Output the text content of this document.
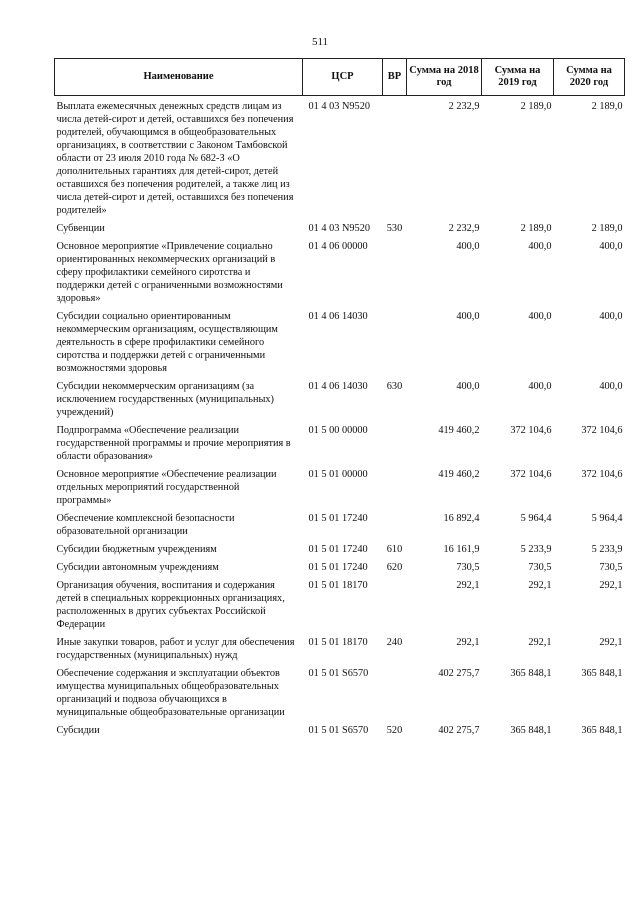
511
Наименование	ЦСР	ВР	Сумма на 2018 год	Сумма на 2019 год	Сумма на 2020 год
Выплата ежемесячных денежных средств лицам из числа детей-сирот и детей, оставшихся без попечения родителей, обучающимся в общеобразовательных организациях, в соответствии с Законом Тамбовской области от 23 июля 2010 года № 682-З «О дополнительных гарантиях для детей-сирот, детей оставшихся без попечения родителей, а также лиц из числа детей-сирот и детей, оставшихся без попечения родителей»	01 4 03 N9520		2 232,9	2 189,0	2 189,0
Субвенции	01 4 03 N9520	530	2 232,9	2 189,0	2 189,0
Основное мероприятие «Привлечение социально ориентированных некоммерческих организаций в сферу профилактики семейного сиротства и поддержки детей с ограниченными возможностями здоровья»	01 4 06 00000		400,0	400,0	400,0
Субсидии социально ориентированным некоммерческим организациям, осуществляющим деятельность в сфере профилактики семейного сиротства и поддержки детей с ограниченными возможностями здоровья	01 4 06 14030		400,0	400,0	400,0
Субсидии некоммерческим организациям (за исключением государственных (муниципальных) учреждений)	01 4 06 14030	630	400,0	400,0	400,0
Подпрограмма «Обеспечение реализации государственной программы и прочие мероприятия в области образования»	01 5 00 00000		419 460,2	372 104,6	372 104,6
Основное мероприятие «Обеспечение реализации отдельных мероприятий государственной программы»	01 5 01 00000		419 460,2	372 104,6	372 104,6
Обеспечение комплексной безопасности образовательной организации	01 5 01 17240		16 892,4	5 964,4	5 964,4
Субсидии бюджетным учреждениям	01 5 01 17240	610	16 161,9	5 233,9	5 233,9
Субсидии автономным учреждениям	01 5 01 17240	620	730,5	730,5	730,5
Организация обучения, воспитания и содержания детей в специальных коррекционных организациях, расположенных в других субъектах Российской Федерации	01 5 01 18170		292,1	292,1	292,1
Иные закупки товаров, работ и услуг для обеспечения государственных (муниципальных) нужд	01 5 01 18170	240	292,1	292,1	292,1
Обеспечение содержания и эксплуатации объектов имущества муниципальных общеобразовательных организаций и подвоза обучающихся в муниципальные общеобразовательные организации	01 5 01 S6570		402 275,7	365 848,1	365 848,1
Субсидии	01 5 01 S6570	520	402 275,7	365 848,1	365 848,1
